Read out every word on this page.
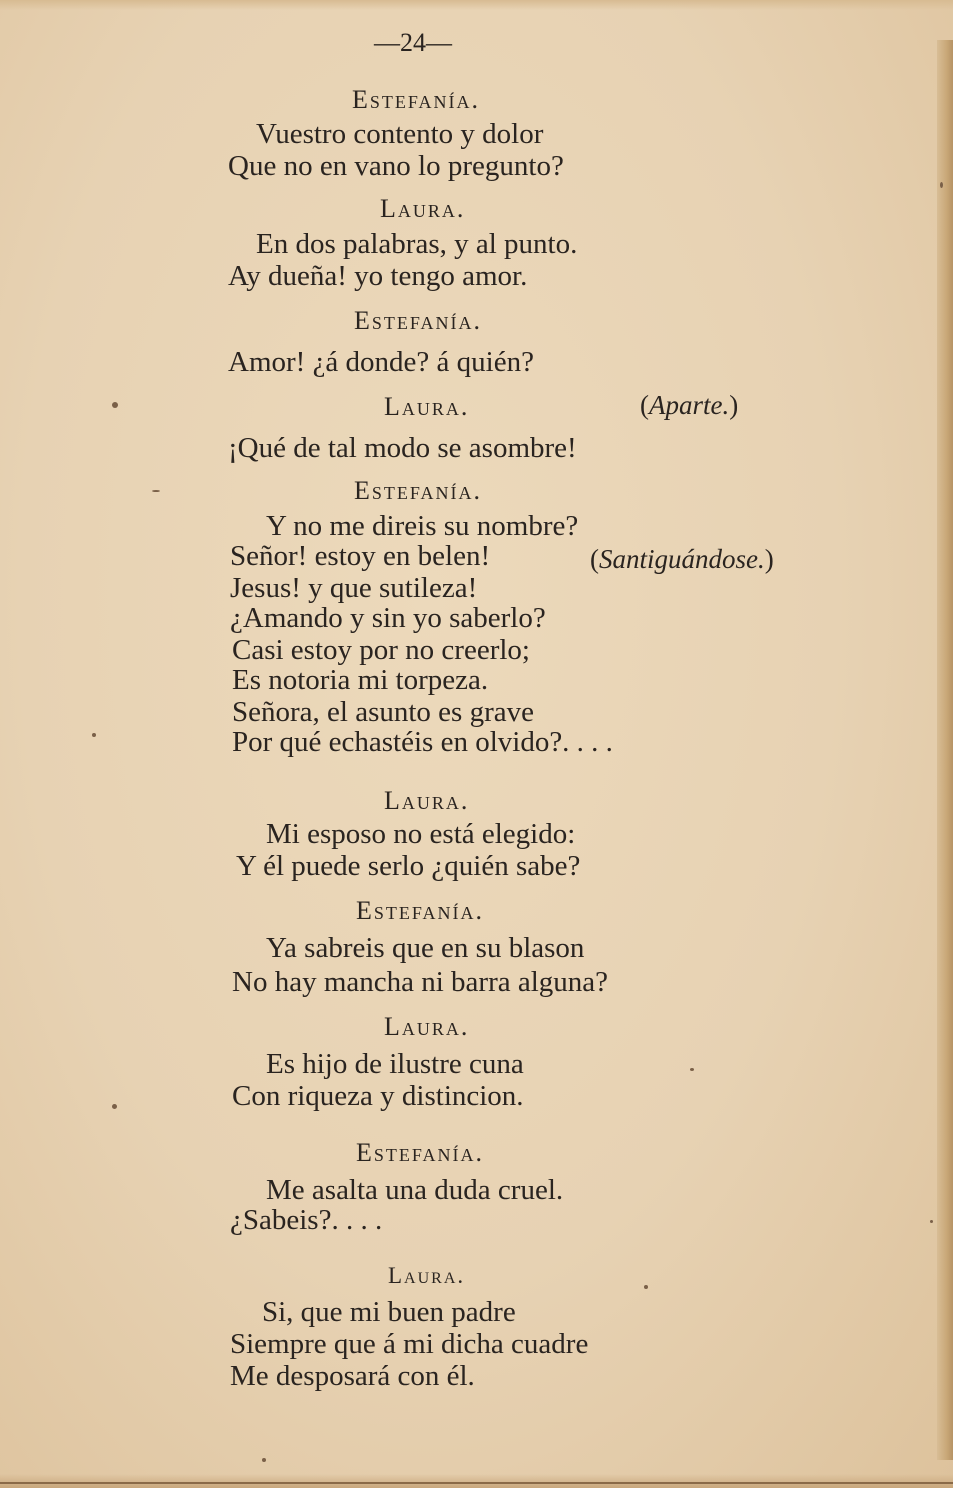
—24—
Estefanía.
Vuestro contento y dolor
Que no en vano lo pregunto?
Laura.
En dos palabras, y al punto.
Ay dueña! yo tengo amor.
Estefanía.
Amor! ¿á donde? á quién?
Laura.	(Aparte.)
¡Qué de tal modo se asombre!
Estefanía.
Y no me direis su nombre?
Señor! estoy en belen!	(Santiguándose.)
Jesus! y que sutileza!
¿Amando y sin yo saberlo?
Casi estoy por no creerlo;
Es notoria mi torpeza.
Señora, el asunto es grave
Por qué echastéis en olvido?. . . .
Laura.
Mi esposo no está elegido:
Y él puede serlo ¿quién sabe?
Estefanía.
Ya sabreis que en su blason
No hay mancha ni barra alguna?
Laura.
Es hijo de ilustre cuna
Con riqueza y distincion.
Estefanía.
Me asalta una duda cruel.
¿Sabeis?. . . .
Laura.
Si, que mi buen padre
Siempre que á mi dicha cuadre
Me desposará con él.
